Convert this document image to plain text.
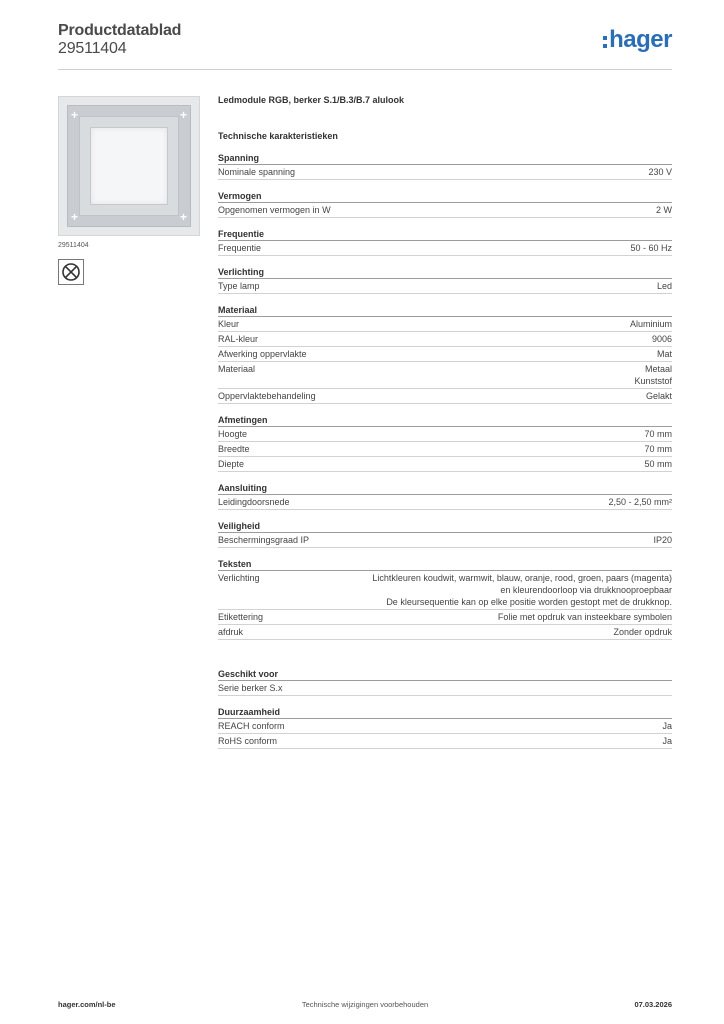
Productdatablad
29511404	hager
+	+
+	+
29511404
Ledmodule RGB, berker S.1/B.3/B.7 alulook
Technische karakteristieken
Spanning
Nominale spanning	230 V
Vermogen
Opgenomen vermogen in W	2 W
Frequentie
Frequentie	50 - 60 Hz
Verlichting
Type lamp	Led
Materiaal
Kleur	Aluminium
RAL-kleur	9006
Afwerking oppervlakte	Mat
Materiaal	Metaal
Kunststof
Oppervlaktebehandeling	Gelakt
Afmetingen
Hoogte	70 mm
Breedte	70 mm
Diepte	50 mm
Aansluiting
Leidingdoorsnede	2,50 - 2,50 mm²
Veiligheid
Beschermingsgraad IP	IP20
Teksten
Verlichting	Lichtkleuren koudwit, warmwit, blauw, oranje, rood, groen, paars (magenta)
en kleurendoorloop via drukknooproepbaar
De kleursequentie kan op elke positie worden gestopt met de drukknop.
Etikettering	Folie met opdruk van insteekbare symbolen
afdruk	Zonder opdruk
Geschikt voor
Serie berker S.x
Duurzaamheid
REACH conform	Ja
RoHS conform	Ja
hager.com/nl-be	Technische wijzigingen voorbehouden	07.03.2026
